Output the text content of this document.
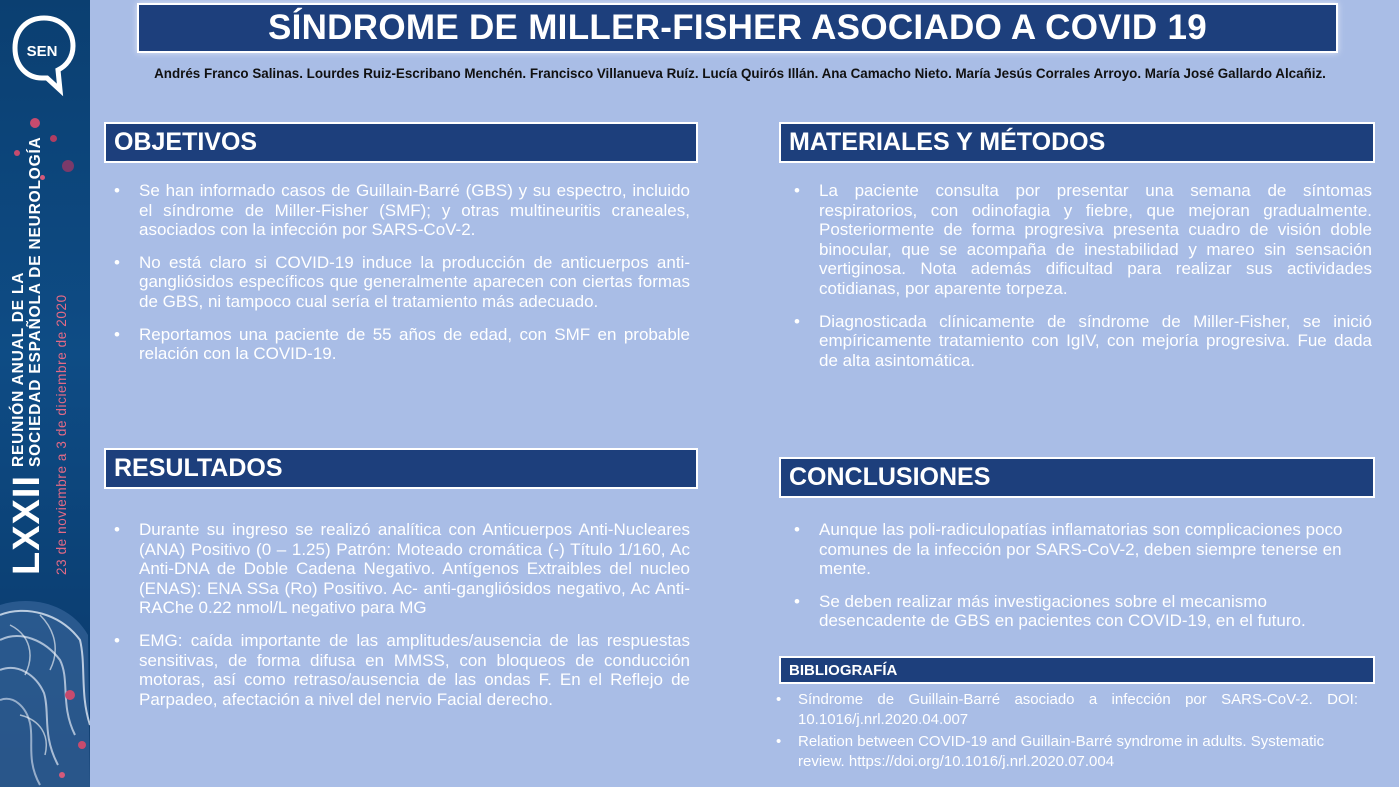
SEN
LXXII
REUNIÓN ANUAL DE LA SOCIEDAD ESPAÑOLA DE NEUROLOGÍA 23 de noviembre a 3 de diciembre de 2020
SÍNDROME DE MILLER-FISHER ASOCIADO A COVID 19
Andrés Franco Salinas. Lourdes Ruiz-Escribano Menchén. Francisco Villanueva Ruíz. Lucía Quirós Illán. Ana Camacho Nieto. María Jesús Corrales Arroyo. María José Gallardo Alcañiz.
OBJETIVOS
• Se han informado casos de Guillain-Barré (GBS) y su espectro, incluido el síndrome de Miller-Fisher (SMF); y otras multineuritis craneales, asociados con la infección por SARS-CoV-2.
• No está claro si COVID-19 induce la producción de anticuerpos anti-gangliósidos específicos que generalmente aparecen con ciertas formas de GBS, ni tampoco cual sería el tratamiento más adecuado.
• Reportamos una paciente de 55 años de edad, con SMF en probable relación con la COVID-19.
RESULTADOS
• Durante su ingreso se realizó analítica con Anticuerpos Anti-Nucleares (ANA) Positivo (0 – 1.25) Patrón: Moteado cromática (-) Título 1/160, Ac Anti-DNA de Doble Cadena Negativo. Antígenos Extraibles del nucleo (ENAS): ENA SSa (Ro) Positivo. Ac- anti-gangliósidos negativo, Ac Anti-RAChe 0.22 nmol/L negativo para MG
• EMG: caída importante de las amplitudes/ausencia de las respuestas sensitivas, de forma difusa en MMSS, con bloqueos de conducción motoras, así como retraso/ausencia de las ondas F. En el Reflejo de Parpadeo, afectación a nivel del nervio Facial derecho.
MATERIALES Y MÉTODOS
• La paciente consulta por presentar una semana de síntomas respiratorios, con odinofagia y fiebre, que mejoran gradualmente. Posteriormente de forma progresiva presenta cuadro de visión doble binocular, que se acompaña de inestabilidad y mareo sin sensación vertiginosa. Nota además dificultad para realizar sus actividades cotidianas, por aparente torpeza.
• Diagnosticada clínicamente de síndrome de Miller-Fisher, se inició empíricamente tratamiento con IgIV, con mejoría progresiva. Fue dada de alta asintomática.
CONCLUSIONES
• Aunque las poli-radiculopatías inflamatorias son complicaciones poco comunes de la infección por SARS-CoV-2, deben siempre tenerse en mente.
• Se deben realizar más investigaciones sobre el mecanismo desencadente de GBS en pacientes con COVID-19, en el futuro.
BIBLIOGRAFÍA
• Síndrome de Guillain-Barré asociado a infección por SARS-CoV-2. DOI: 10.1016/j.nrl.2020.04.007
• Relation between COVID-19 and Guillain-Barré syndrome in adults. Systematic review. https://doi.org/10.1016/j.nrl.2020.07.004
